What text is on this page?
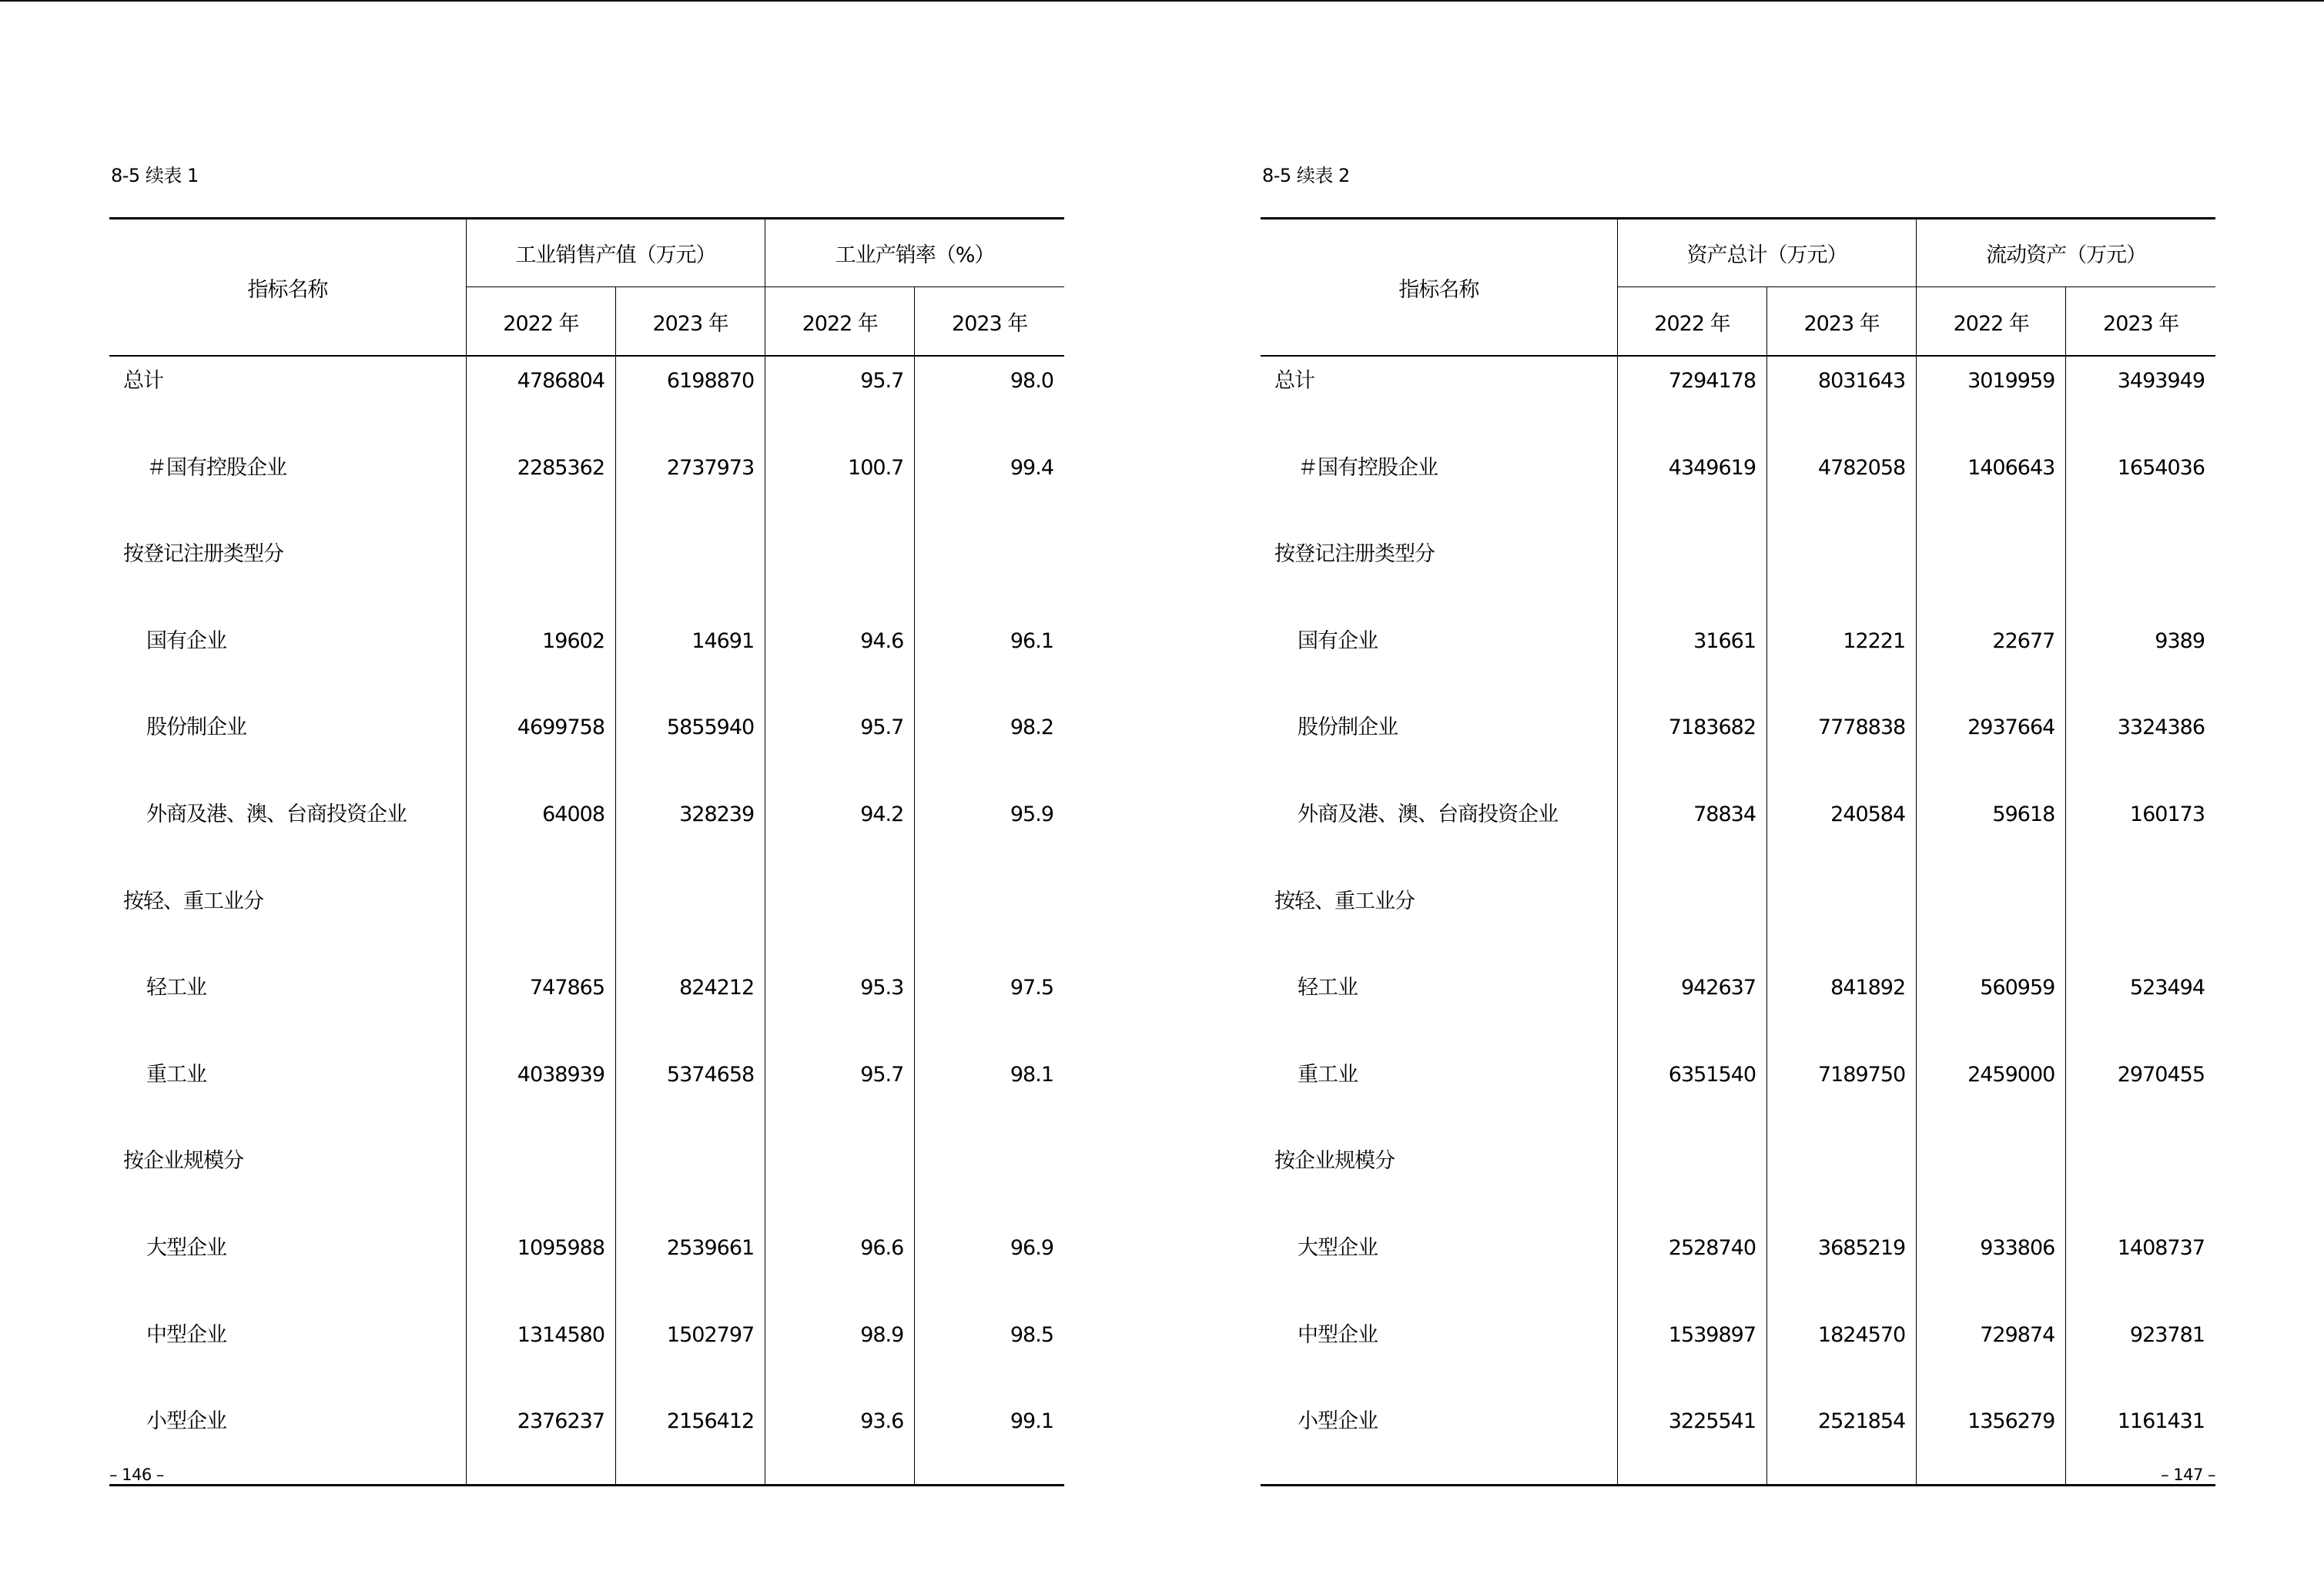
8-5 续表 1
指标名称	工业销售产值（万元）		工业产销率（%）	
	2022 年	2023 年	2022 年	2023 年

总计	4786804	6198870	95.7	98.0

＃国有控股企业	2285362	2737973	100.7	99.4

按登记注册类型分				

国有企业	19602	14691	94.6	96.1

股份制企业	4699758	5855940	95.7	98.2

外商及港、澳、台商投资企业	64008	328239	94.2	95.9

按轻、重工业分				

轻工业	747865	824212	95.3	97.5

重工业	4038939	5374658	95.7	98.1

按企业规模分				

大型企业	1095988	2539661	96.6	96.9

中型企业	1314580	1502797	98.9	98.5

小型企业	2376237	2156412	93.6	99.1
– 146 –
8-5 续表 2
指标名称	资产总计（万元）		流动资产（万元）	
	2022 年	2023 年	2022 年	2023 年

总计	7294178	8031643	3019959	3493949

＃国有控股企业	4349619	4782058	1406643	1654036

按登记注册类型分				

国有企业	31661	12221	22677	9389

股份制企业	7183682	7778838	2937664	3324386

外商及港、澳、台商投资企业	78834	240584	59618	160173

按轻、重工业分				

轻工业	942637	841892	560959	523494

重工业	6351540	7189750	2459000	2970455

按企业规模分				

大型企业	2528740	3685219	933806	1408737

中型企业	1539897	1824570	729874	923781

小型企业	3225541	2521854	1356279	1161431
– 147 –
